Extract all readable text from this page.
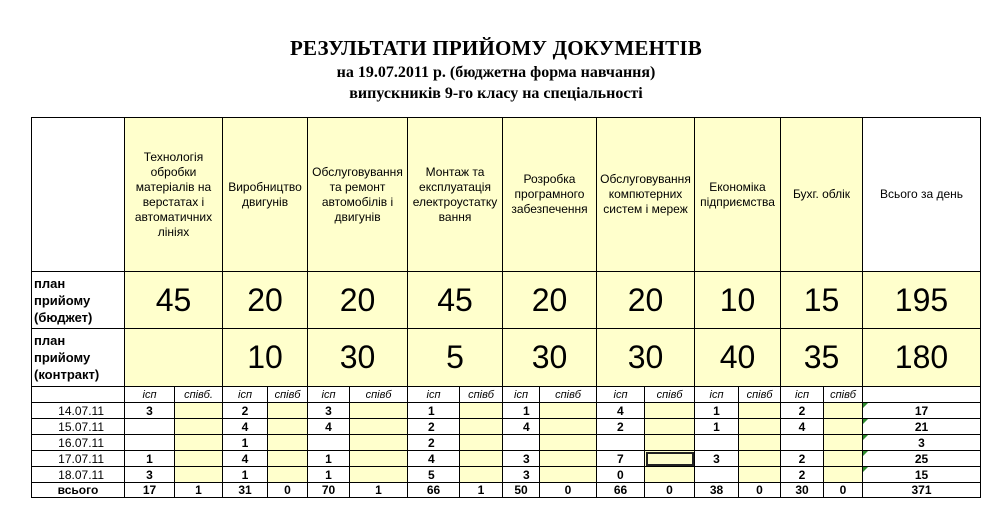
РЕЗУЛЬТАТИ ПРИЙОМУ ДОКУМЕНТІВ
на 19.07.2011 р. (бюджетна форма навчання)
випускників 9-го класу на спеціальності
	Технологія обробки матеріалів на верстатах і автоматичних лініях		Виробництво двигунів		Обслуговування та ремонт автомобілів і двигунів		Монтаж та експлуатація електроустатку вання		Розробка програмного забезпечення		Обслуговування компютерних систем і мереж		Економіка підприємства		Бухг. облік		Всього за день
план прийому (бюджет)	45		20		20		45		20		20		10		15		195
план прийому (контракт)			10		30		5		30		30		40		35		180
	ісп	співб.	ісп	співб	ісп	співб	ісп	співб	ісп	співб	ісп	співб	ісп	співб	ісп	співб	
14.07.11	3		2		3		1		1		4		1		2		17
15.07.11			4		4		2		4		2		1		4		21
16.07.11			1				2										3
17.07.11	1		4		1		4		3		7		3		2		25
18.07.11	3		1		1		5		3		0				2		15
всього	17	1	31	0	70	1	66	1	50	0	66	0	38	0	30	0	371
